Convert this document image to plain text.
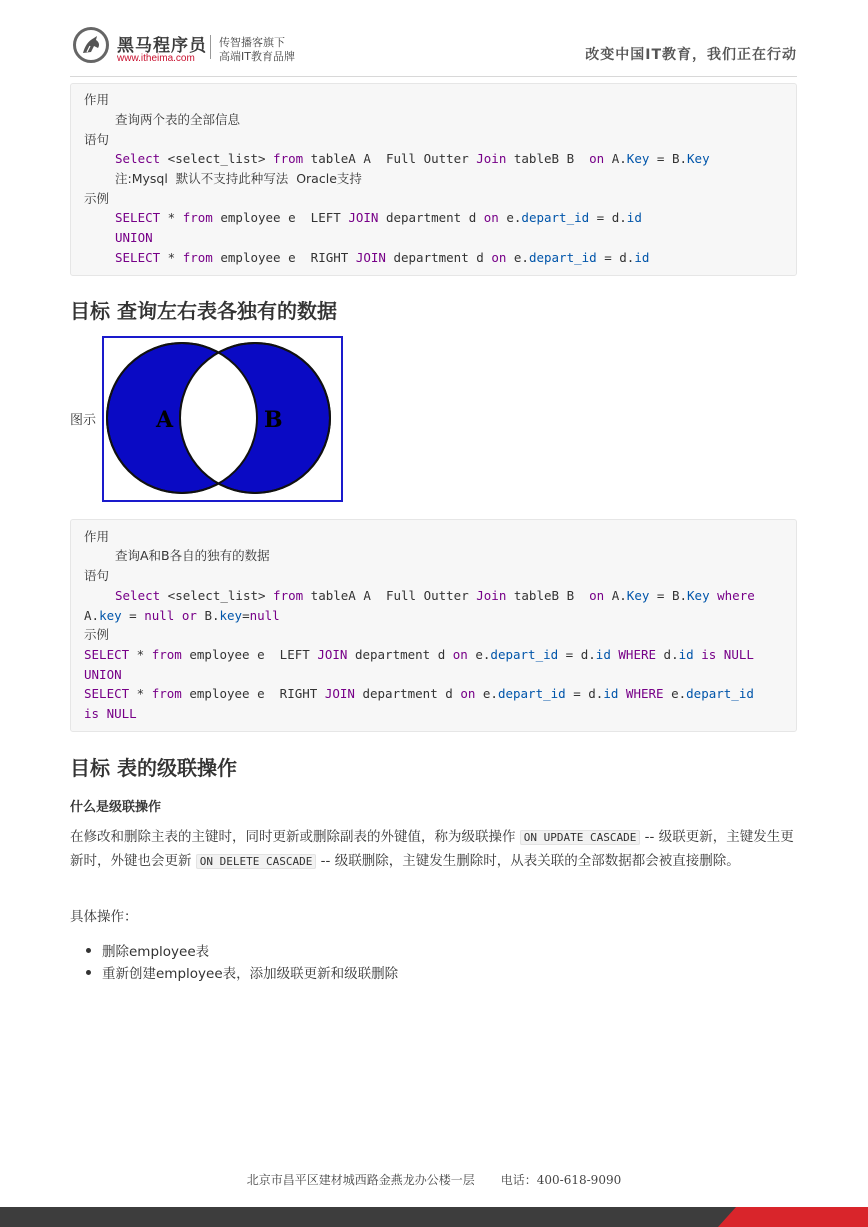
黑马程序员
www.itheima.com
传智播客旗下
高端IT教育品牌	改变中国IT教育，我们正在行动
作用
查询两个表的全部信息
语句
Select <select_list> from tableA A  Full Outter Join tableB B  on A.Key = B.Key
注:Mysql  默认不支持此种写法  Oracle支持
示例
SELECT * from employee e  LEFT JOIN department d on e.depart_id = d.id
UNION
SELECT * from employee e  RIGHT JOIN department d on e.depart_id = d.id
目标 查询左右表各独有的数据
图示	A	B
作用
查询A和B各自的独有的数据
语句
Select <select_list> from tableA A  Full Outter Join tableB B  on A.Key = B.Key where
A.key = null or B.key=null
示例
SELECT * from employee e  LEFT JOIN department d on e.depart_id = d.id WHERE d.id is NULL
UNION
SELECT * from employee e  RIGHT JOIN department d on e.depart_id = d.id WHERE e.depart_id
is NULL
目标 表的级联操作
什么是级联操作
在修改和删除主表的主键时，同时更新或删除副表的外键值，称为级联操作 ON UPDATE CASCADE -- 级联更新，主键发生更新时，外键也会更新 ON DELETE CASCADE -- 级联删除，主键发生删除时，从表关联的全部数据都会被直接删除。
具体操作：
删除employee表
重新创建employee表，添加级联更新和级联删除
北京市昌平区建材城西路金燕龙办公楼一层 电话：400-618-9090
